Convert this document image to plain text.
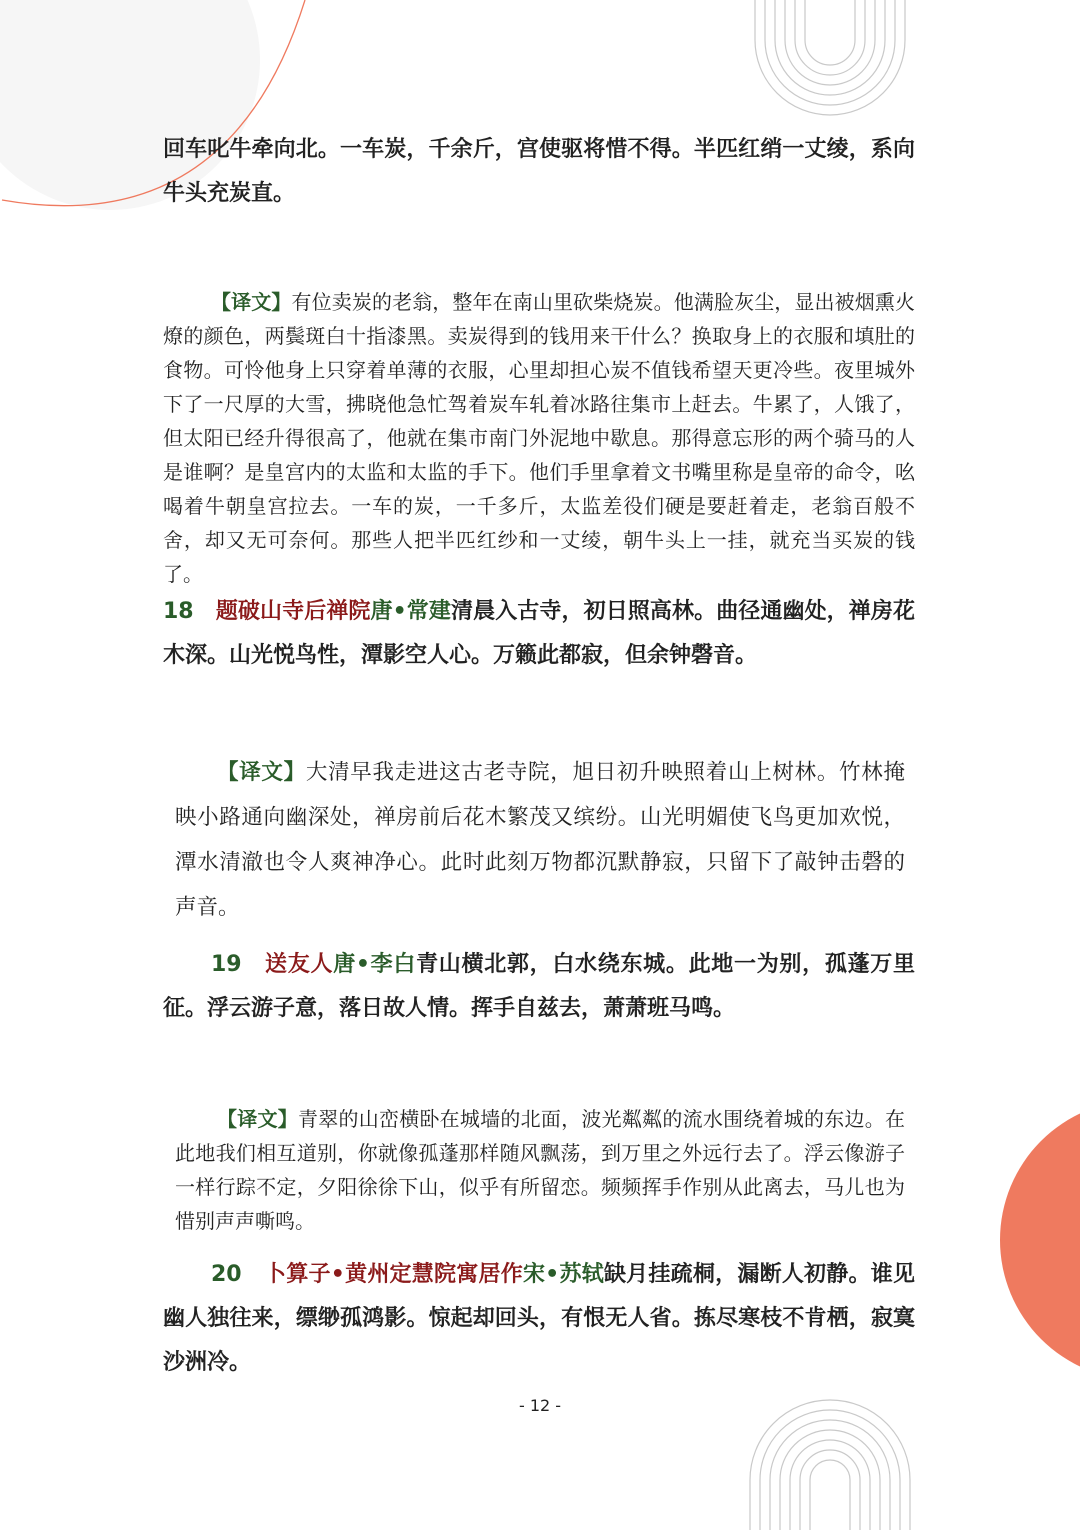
回车叱牛牵向北。一车炭，千余斤，宫使驱将惜不得。半匹红绡一丈绫，系向牛头充炭直。

【译文】有位卖炭的老翁，整年在南山里砍柴烧炭。他满脸灰尘，显出被烟熏火燎的颜色，两鬓斑白十指漆黑。卖炭得到的钱用来干什么？换取身上的衣服和填肚的食物。可怜他身上只穿着单薄的衣服，心里却担心炭不值钱希望天更冷些。夜里城外下了一尺厚的大雪，拂晓他急忙驾着炭车轧着冰路往集市上赶去。牛累了，人饿了，但太阳已经升得很高了，他就在集市南门外泥地中歇息。那得意忘形的两个骑马的人是谁啊？是皇宫内的太监和太监的手下。他们手里拿着文书嘴里称是皇帝的命令，吆喝着牛朝皇宫拉去。一车的炭，一千多斤，太监差役们硬是要赶着走，老翁百般不舍，却又无可奈何。那些人把半匹红纱和一丈绫，朝牛头上一挂，就充当买炭的钱了。

18　 题破山寺后禅院唐•常建清晨入古寺，初日照高林。曲径通幽处，禅房花木深。山光悦鸟性，潭影空人心。万籁此都寂，但余钟磬音。

【译文】大清早我走进这古老寺院，旭日初升映照着山上树林。竹林掩映小路通向幽深处，禅房前后花木繁茂又缤纷。山光明媚使飞鸟更加欢悦，潭水清澈也令人爽神净心。此时此刻万物都沉默静寂，只留下了敲钟击磬的声音。

19　 送友人唐•李白青山横北郭，白水绕东城。此地一为别，孤蓬万里征。浮云游子意，落日故人情。挥手自兹去，萧萧班马鸣。

【译文】青翠的山峦横卧在城墙的北面，波光粼粼的流水围绕着城的东边。在此地我们相互道别，你就像孤蓬那样随风飘荡，到万里之外远行去了。浮云像游子一样行踪不定，夕阳徐徐下山，似乎有所留恋。频频挥手作别从此离去，马儿也为惜别声声嘶鸣。

20　 卜算子•黄州定慧院寓居作宋•苏轼缺月挂疏桐，漏断人初静。谁见幽人独往来，缥缈孤鸿影。惊起却回头，有恨无人省。拣尽寒枝不肯栖，寂寞沙洲冷。

- 12 -
